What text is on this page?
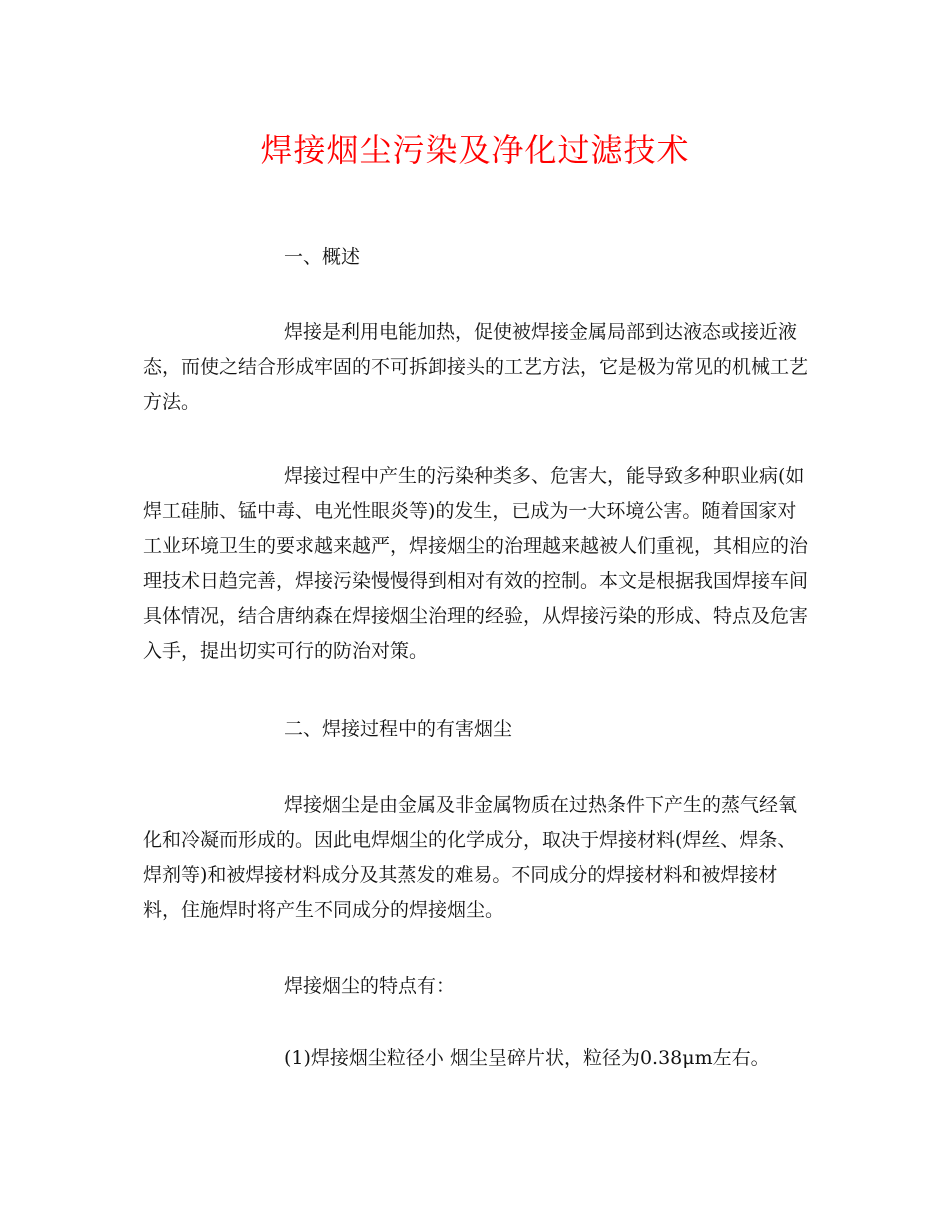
焊接烟尘污染及净化过滤技术

一、概述

焊接是利用电能加热，促使被焊接金属局部到达液态或接近液态，而使之结合形成牢固的不可拆卸接头的工艺方法，它是极为常见的机械工艺方法。

焊接过程中产生的污染种类多、危害大，能导致多种职业病(如焊工硅肺、锰中毒、电光性眼炎等)的发生，已成为一大环境公害。随着国家对工业环境卫生的要求越来越严，焊接烟尘的治理越来越被人们重视，其相应的治理技术日趋完善，焊接污染慢慢得到相对有效的控制。本文是根据我国焊接车间具体情况，结合唐纳森在焊接烟尘治理的经验，从焊接污染的形成、特点及危害入手，提出切实可行的防治对策。

二、焊接过程中的有害烟尘

焊接烟尘是由金属及非金属物质在过热条件下产生的蒸气经氧化和冷凝而形成的。因此电焊烟尘的化学成分，取决于焊接材料(焊丝、焊条、焊剂等)和被焊接材料成分及其蒸发的难易。不同成分的焊接材料和被焊接材料，住施焊时将产生不同成分的焊接烟尘。

焊接烟尘的特点有：

(1)焊接烟尘粒径小 烟尘呈碎片状，粒径为0.38μm左右。
